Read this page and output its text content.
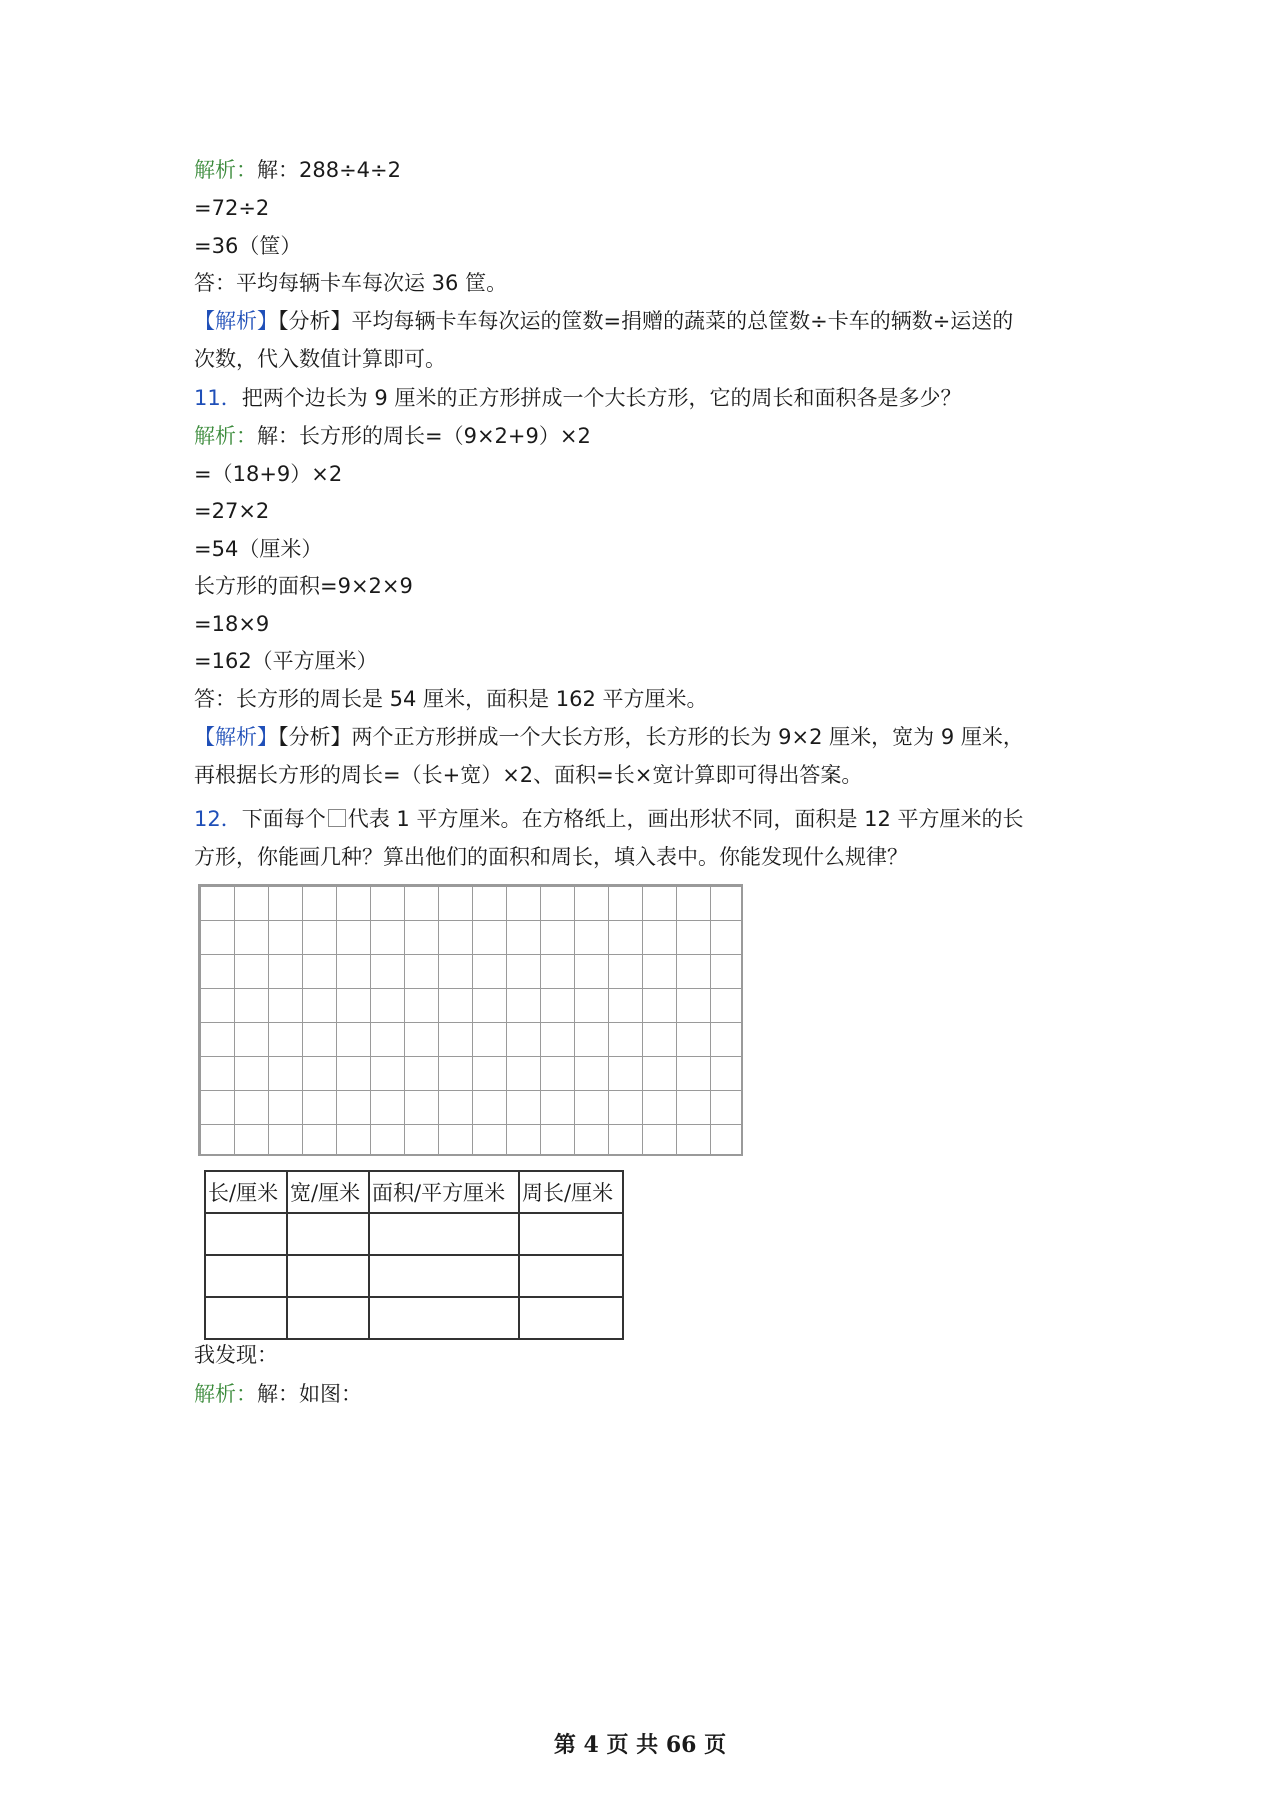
解析：解：288÷4÷2
=72÷2
=36（筐）
答：平均每辆卡车每次运 36 筐。
【解析】【分析】平均每辆卡车每次运的筐数=捐赠的蔬菜的总筐数÷卡车的辆数÷运送的
次数，代入数值计算即可。
11．把两个边长为 9 厘米的正方形拼成一个大长方形，它的周长和面积各是多少？
解析：解：长方形的周长=（9×2+9）×2
=（18+9）×2
=27×2
=54（厘米）
长方形的面积=9×2×9
=18×9
=162（平方厘米）
答：长方形的周长是 54 厘米，面积是 162 平方厘米。
【解析】【分析】两个正方形拼成一个大长方形，长方形的长为 9×2 厘米，宽为 9 厘米，
再根据长方形的周长=（长+宽）×2、面积=长×宽计算即可得出答案。
12．下面每个 代表 1 平方厘米。在方格纸上，画出形状不同，面积是 12 平方厘米的长
方形，你能画几种？算出他们的面积和周长，填入表中。你能发现什么规律？
长/厘米	宽/厘米	面积/平方厘米	周长/厘米

我发现：
解析：解：如图：
第 4 页 共 66 页
